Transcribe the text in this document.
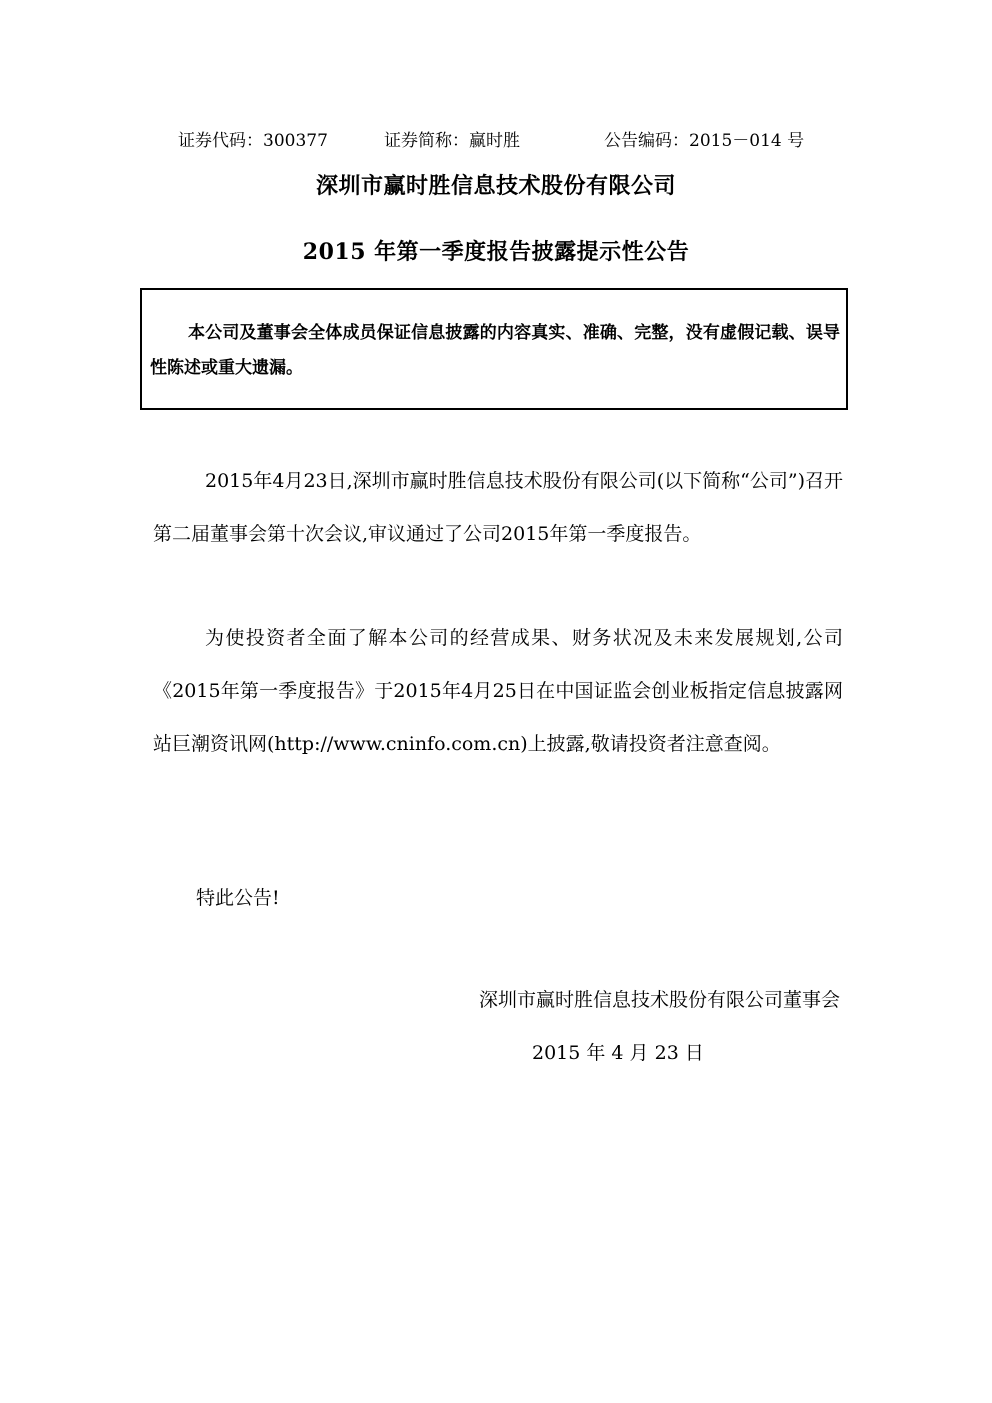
证券代码：300377	证券简称：赢时胜	公告编码：2015－014 号
深圳市赢时胜信息技术股份有限公司
2015 年第一季度报告披露提示性公告
本公司及董事会全体成员保证信息披露的内容真实、准确、完整，没有虚假记载、误导性陈述或重大遗漏。
2015年4月23日,深圳市赢时胜信息技术股份有限公司(以下简称“公司”)召开第二届董事会第十次会议,审议通过了公司2015年第一季度报告。
为使投资者全面了解本公司的经营成果、财务状况及未来发展规划,公司《2015年第一季度报告》于2015年4月25日在中国证监会创业板指定信息披露网站巨潮资讯网(http://www.cninfo.com.cn)上披露,敬请投资者注意查阅。
特此公告!
深圳市赢时胜信息技术股份有限公司董事会
2015 年 4 月 23 日
